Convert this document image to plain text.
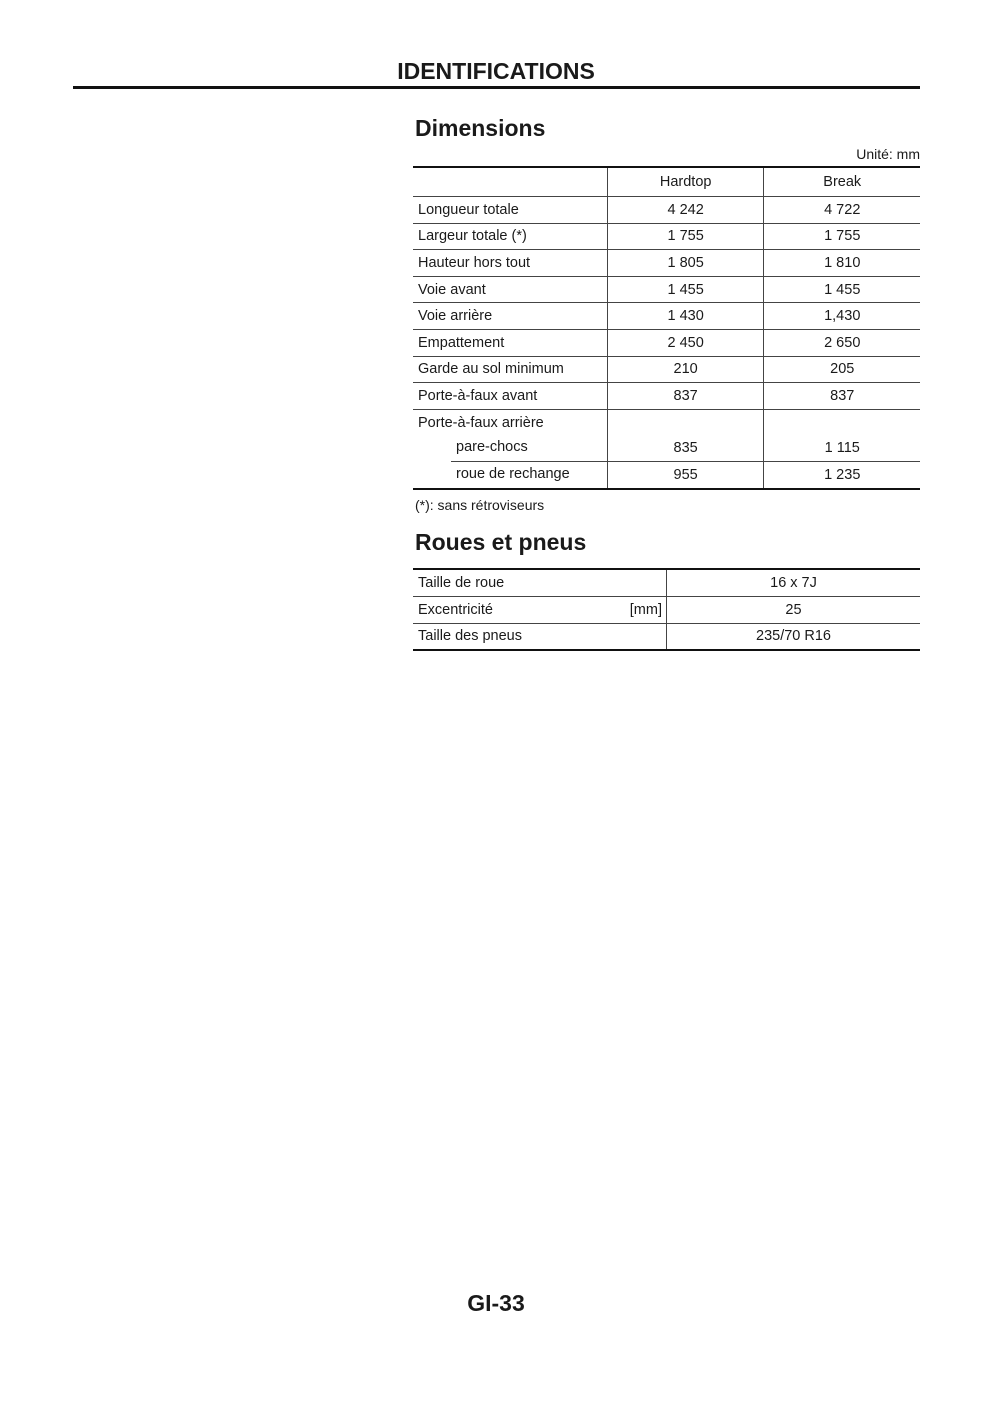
IDENTIFICATIONS
Dimensions
Unité: mm
	Hardtop	Break
Longueur totale	4 242	4 722
Largeur totale (*)	1 755	1 755
Hauteur hors tout	1 805	1 810
Voie avant	1 455	1 455
Voie arrière	1 430	1,430
Empattement	2 450	2 650
Garde au sol minimum	210	205
Porte-à-faux avant	837	837
Porte-à-faux arrière		

pare-chocs	835	1 115

roue de rechange	955	1 235
(*): sans rétroviseurs
Roues et pneus
Taille de roue	16 x 7J
Excentricité [mm]	25
Taille des pneus	235/70 R16
GI-33
